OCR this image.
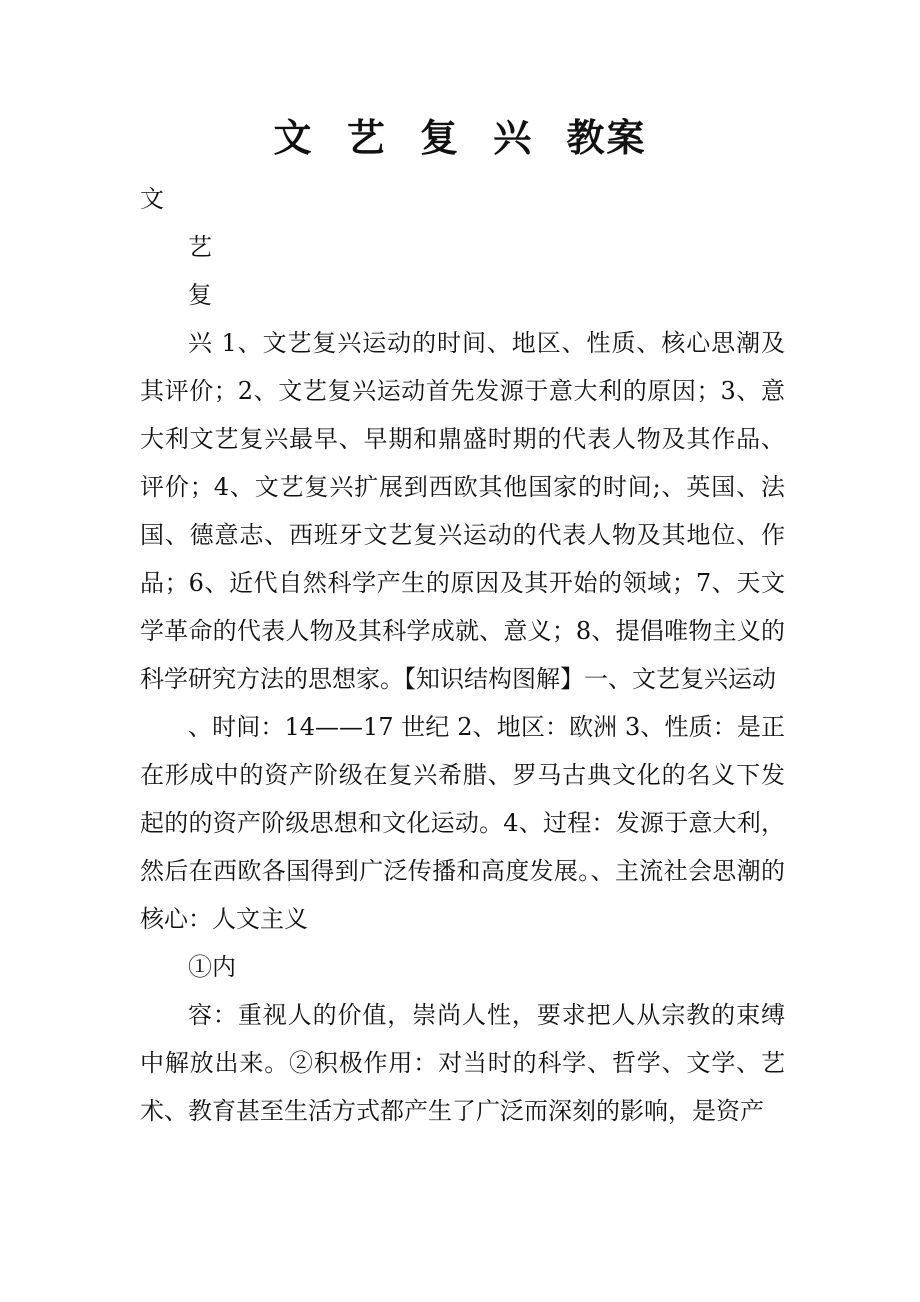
文 艺 复 兴 教案

文

艺

复

兴 1、文艺复兴运动的时间、地区、性质、核心思潮及其评价；2、文艺复兴运动首先发源于意大利的原因；3、意大利文艺复兴最早、早期和鼎盛时期的代表人物及其作品、评价；4、文艺复兴扩展到西欧其他国家的时间;、英国、法国、德意志、西班牙文艺复兴运动的代表人物及其地位、作品；6、近代自然科学产生的原因及其开始的领域；7、天文学革命的代表人物及其科学成就、意义；8、提倡唯物主义的科学研究方法的思想家。【知识结构图解】一、文艺复兴运动

、时间：14——17 世纪 2、地区：欧洲 3、性质：是正在形成中的资产阶级在复兴希腊、罗马古典文化的名义下发起的的资产阶级思想和文化运动。4、过程：发源于意大利，然后在西欧各国得到广泛传播和高度发展。、主流社会思潮的核心：人文主义

①内

容：重视人的价值，崇尚人性，要求把人从宗教的束缚中解放出来。②积极作用：对当时的科学、哲学、文学、艺术、教育甚至生活方式都产生了广泛而深刻的影响，是资产
